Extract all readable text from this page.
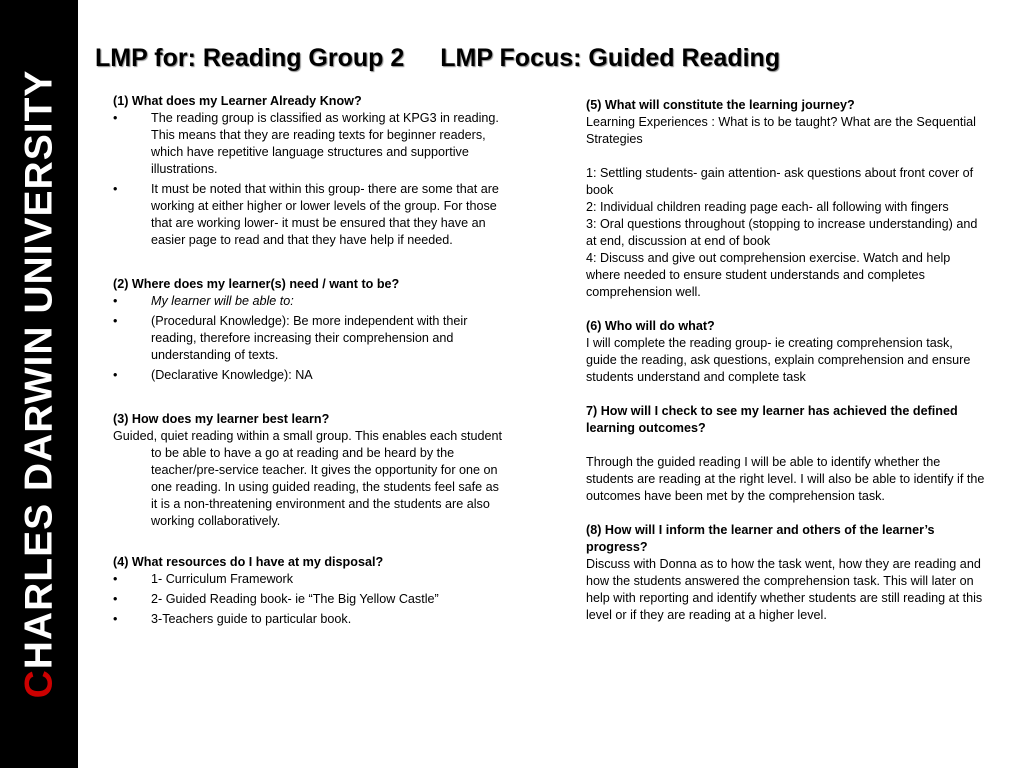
CHARLES DARWIN UNIVERSITY
LMP for: Reading Group 2 LMP Focus: Guided Reading
(1) What does my Learner Already Know?
•	The reading group is classified as working at KPG3 in reading. This means that they are reading texts for beginner readers, which have repetitive language structures and supportive illustrations.
•	It must be noted that within this group- there are some that are working at either higher or lower levels of the group. For those that are working lower- it must be ensured that they have an easier page to read and that they have help if needed.
(2) Where does my learner(s) need / want to be?
•	My learner will be able to:
•	(Procedural Knowledge): Be more independent with their reading, therefore increasing their comprehension and understanding of texts.
•	(Declarative Knowledge): NA
(3) How does my learner best learn?
Guided, quiet reading within a small group. This enables each student to be able to have a go at reading and be heard by the teacher/pre-service teacher. It gives the opportunity for one on one reading. In using guided reading, the students feel safe as it is a non-threatening environment and the students are also working collaboratively.
(4) What resources do I have at my disposal?
•	1- Curriculum Framework
•	2- Guided Reading book- ie “The Big Yellow Castle”
•	3-Teachers guide to particular book.
(5) What will constitute the learning journey?
Learning Experiences : What is to be taught? What are the Sequential Strategies
1: Settling students- gain attention- ask questions about front cover of book
2: Individual children reading page each- all following with fingers
3: Oral questions throughout (stopping to increase understanding) and at end, discussion at end of book
4: Discuss and give out comprehension exercise. Watch and help where needed to ensure student understands and completes comprehension well.
(6) Who will do what?
I will complete the reading group- ie creating comprehension task, guide the reading, ask questions, explain comprehension and ensure students understand and complete task
7) How will I check to see my learner has achieved the defined learning outcomes?
Through the guided reading I will be able to identify whether the students are reading at the right level. I will also be able to identify if the outcomes have been met by the comprehension task.
(8) How will I inform the learner and others of the learner’s progress?
Discuss with Donna as to how the task went, how they are reading and how the students answered the comprehension task. This will later on help with reporting and identify whether students are still reading at this level or if they are reading at a higher level.
